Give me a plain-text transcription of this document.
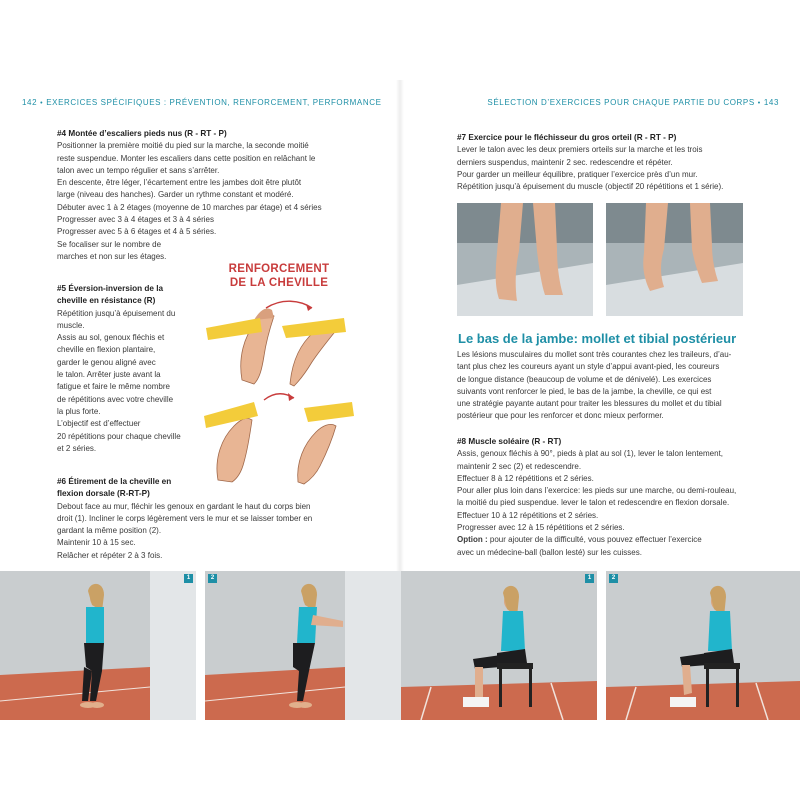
142 • EXERCICES SPÉCIFIQUES : PRÉVENTION, RENFORCEMENT, PERFORMANCE	SÉLECTION D’EXERCICES POUR CHAQUE PARTIE DU CORPS • 143

#4 Montée d’escaliers pieds nus (R - RT - P)

Positionner la première moitié du pied sur la marche, la seconde moitié

reste suspendue. Monter les escaliers dans cette position en relâchant le

talon avec un tempo régulier et sans s’arrêter.

En descente, être léger, l’écartement entre les jambes doit être plutôt

large (niveau des hanches). Garder un rythme constant et modéré.

Débuter avec 1 à 2 étages (moyenne de 10 marches par étage) et 4 séries

Progresser avec 3 à 4 étages et 3 à 4 séries

Progresser avec 5 à 6 étages et 4 à 5 séries.

Se focaliser sur le nombre de

marches et non sur les étages.

#5 Éversion-inversion de la

cheville en résistance (R)

Répétition jusqu’à épuisement du

muscle.

Assis au sol, genoux fléchis et

cheville en flexion plantaire,

garder le genou aligné avec

le talon. Arrêter juste avant la

fatigue et faire le même nombre

de répétitions avec votre cheville

la plus forte.

L’objectif est d’effectuer

20 répétitions pour chaque cheville

et 2 séries.

RENFORCEMENT
DE LA CHEVILLE

#6 Étirement de la cheville en

flexion dorsale (R-RT-P)

Debout face au mur, fléchir les genoux en gardant le haut du corps bien

droit (1). Incliner le corps légèrement vers le mur et se laisser tomber en

gardant la même position (2).

Maintenir 10 à 15 sec.

Relâcher et répéter 2 à 3 fois.

#7 Exercice pour le fléchisseur du gros orteil (R - RT - P)

Lever le talon avec les deux premiers orteils sur la marche et les trois

derniers suspendus, maintenir 2 sec. redescendre et répéter.

Pour garder un meilleur équilibre, pratiquer l’exercice près d’un mur.

Répétition jusqu’à épuisement du muscle (objectif 20 répétitions et 1 série).

Le bas de la jambe: mollet et tibial postérieur

Les lésions musculaires du mollet sont très courantes chez les traileurs, d’au-

tant plus chez les coureurs ayant un style d’appui avant-pied, les coureurs

de longue distance (beaucoup de volume et de dénivelé). Les exercices

suivants vont renforcer le pied, le bas de la jambe, la cheville, ce qui est

une stratégie payante autant pour traiter les blessures du mollet et du tibial

postérieur que pour les renforcer et donc mieux performer.

#8 Muscle soléaire (R - RT)

Assis, genoux fléchis à 90°, pieds à plat au sol (1), lever le talon lentement,

maintenir 2 sec (2) et redescendre.

Effectuer 8 à 12 répétitions et 2 séries.

Pour aller plus loin dans l’exercice: les pieds sur une marche, ou demi-rouleau,

la moitié du pied suspendue. lever le talon et redescendre en flexion dorsale.

Effectuer 10 à 12 répétitions et 2 séries.

Progresser avec 12 à 15 répétitions et 2 séries.

Option : pour ajouter de la difficulté, vous pouvez effectuer l’exercice

avec un médecine-ball (ballon lesté) sur les cuisses.

1	2	1	2
